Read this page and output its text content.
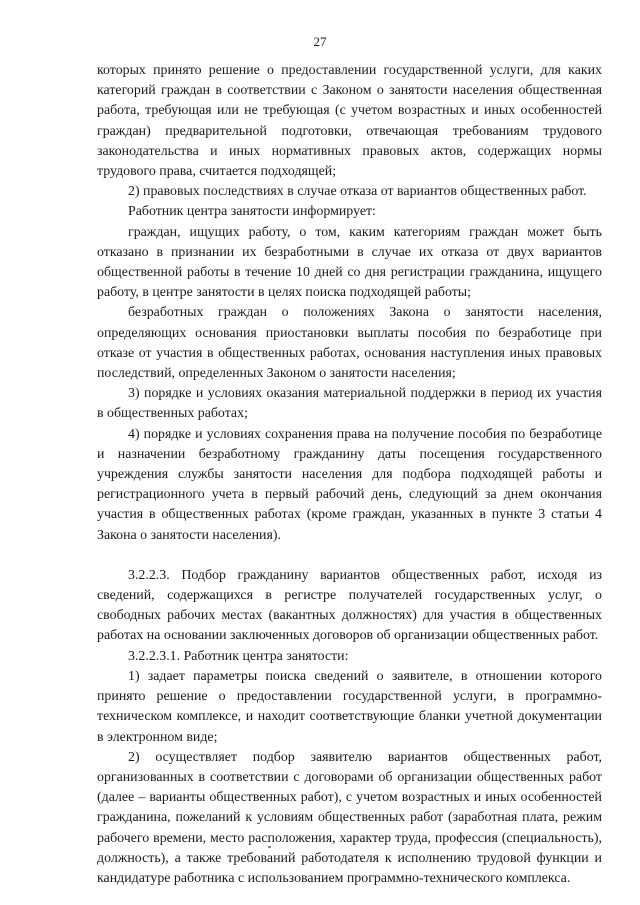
27

которых принято решение о предоставлении государственной услуги, для каких категорий граждан в соответствии с Законом о занятости населения общественная работа, требующая или не требующая (с учетом возрастных и иных особенностей граждан) предварительной подготовки, отвечающая требованиям трудового законодательства и иных нормативных правовых актов, содержащих нормы трудового права, считается подходящей;

2) правовых последствиях в случае отказа от вариантов общественных работ.

Работник центра занятости информирует:

граждан, ищущих работу, о том, каким категориям граждан может быть отказано в признании их безработными в случае их отказа от двух вариантов общественной работы в течение 10 дней со дня регистрации гражданина, ищущего работу, в центре занятости в целях поиска подходящей работы;

безработных граждан о положениях Закона о занятости населения, определяющих основания приостановки выплаты пособия по безработице при отказе от участия в общественных работах, основания наступления иных правовых последствий, определенных Законом о занятости населения;

3) порядке и условиях оказания материальной поддержки в период их участия в общественных работах;

4) порядке и условиях сохранения права на получение пособия по безработице и назначении безработному гражданину даты посещения государственного учреждения службы занятости населения для подбора подходящей работы и регистрационного учета в первый рабочий день, следующий за днем окончания участия в общественных работах (кроме граждан, указанных в пункте 3 статьи 4 Закона о занятости населения).

3.2.2.3. Подбор гражданину вариантов общественных работ, исходя из сведений, содержащихся в регистре получателей государственных услуг, о свободных рабочих местах (вакантных должностях) для участия в общественных работах на основании заключенных договоров об организации общественных работ.

3.2.2.3.1. Работник центра занятости:

1) задает параметры поиска сведений о заявителе, в отношении которого принято решение о предоставлении государственной услуги, в программно-техническом комплексе, и находит соответствующие бланки учетной документации в электронном виде;

2) осуществляет подбор заявителю вариантов общественных работ, организованных в соответствии с договорами об организации общественных работ (далее – варианты общественных работ), с учетом возрастных и иных особенностей гражданина, пожеланий к условиям общественных работ (заработная плата, режим рабочего времени, место расположения, характер труда, профессия (специальность), должность), а также требований работодателя к исполнению трудовой функции и кандидатуре работника с использованием программно-технического комплекса.
